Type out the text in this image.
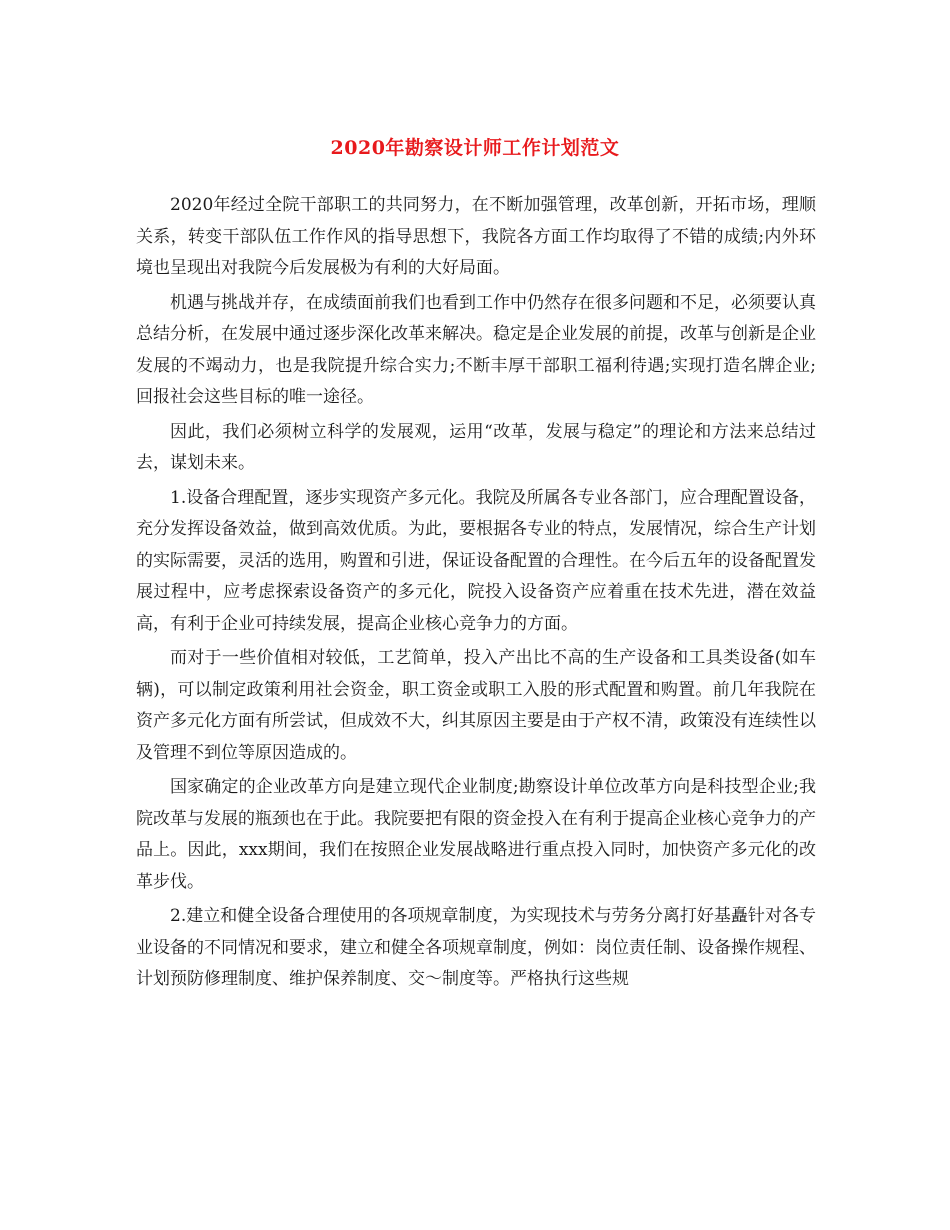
2020年勘察设计师工作计划范文

2020年经过全院干部职工的共同努力，在不断加强管理，改革创新，开拓市场，理顺关系，转变干部队伍工作作风的指导思想下，我院各方面工作均取得了不错的成绩;内外环境也呈现出对我院今后发展极为有利的大好局面。

机遇与挑战并存，在成绩面前我们也看到工作中仍然存在很多问题和不足，必须要认真总结分析，在发展中通过逐步深化改革来解决。稳定是企业发展的前提，改革与创新是企业发展的不竭动力，也是我院提升综合实力;不断丰厚干部职工福利待遇;实现打造名牌企业;回报社会这些目标的唯一途径。

因此，我们必须树立科学的发展观，运用“改革，发展与稳定”的理论和方法来总结过去，谋划未来。

1.设备合理配置，逐步实现资产多元化。我院及所属各专业各部门，应合理配置设备，充分发挥设备效益，做到高效优质。为此，要根据各专业的特点，发展情况，综合生产计划的实际需要，灵活的选用，购置和引进，保证设备配置的合理性。在今后五年的设备配置发展过程中，应考虑探索设备资产的多元化，院投入设备资产应着重在技术先进，潜在效益高，有利于企业可持续发展，提高企业核心竞争力的方面。

而对于一些价值相对较低，工艺简单，投入产出比不高的生产设备和工具类设备(如车辆)，可以制定政策利用社会资金，职工资金或职工入股的形式配置和购置。前几年我院在资产多元化方面有所尝试，但成效不大，纠其原因主要是由于产权不清，政策没有连续性以及管理不到位等原因造成的。

国家确定的企业改革方向是建立现代企业制度;勘察设计单位改革方向是科技型企业;我院改革与发展的瓶颈也在于此。我院要把有限的资金投入在有利于提高企业核心竞争力的产品上。因此，xxx期间，我们在按照企业发展战略进行重点投入同时，加快资产多元化的改革步伐。

2.建立和健全设备合理使用的各项规章制度，为实现技术与劳务分离打好基矗针对各专业设备的不同情况和要求，建立和健全各项规章制度，例如：岗位责任制、设备操作规程、计划预防修理制度、维护保养制度、交～制度等。严格执行这些规
